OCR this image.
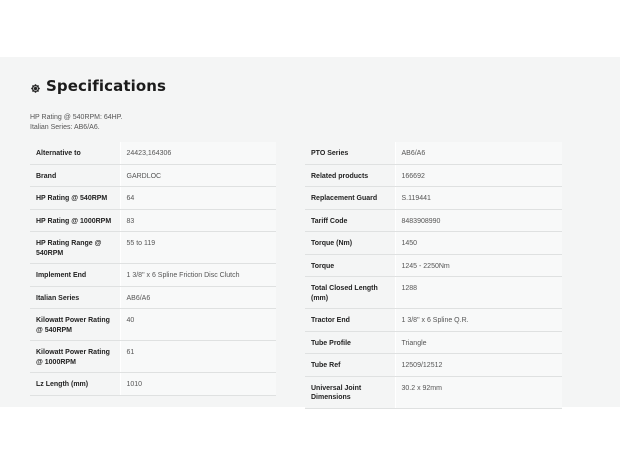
Specifications
HP Rating @ 540RPM: 64HP.
Italian Series: AB6/A6.
Alternative to	24423,164306
Brand	GARDLOC
HP Rating @ 540RPM	64
HP Rating @ 1000RPM	83
HP Rating Range @ 540RPM	55 to 119
Implement End	1 3/8" x 6 Spline Friction Disc Clutch
Italian Series	AB6/A6
Kilowatt Power Rating @ 540RPM	40
Kilowatt Power Rating @ 1000RPM	61
Lz Length (mm)	1010
PTO Series	AB6/A6
Related products	166692
Replacement Guard	S.119441
Tariff Code	8483908990
Torque (Nm)	1450
Torque	1245 - 2250Nm
Total Closed Length (mm)	1288
Tractor End	1 3/8" x 6 Spline Q.R.
Tube Profile	Triangle
Tube Ref	12509/12512
Universal Joint Dimensions	30.2 x 92mm
